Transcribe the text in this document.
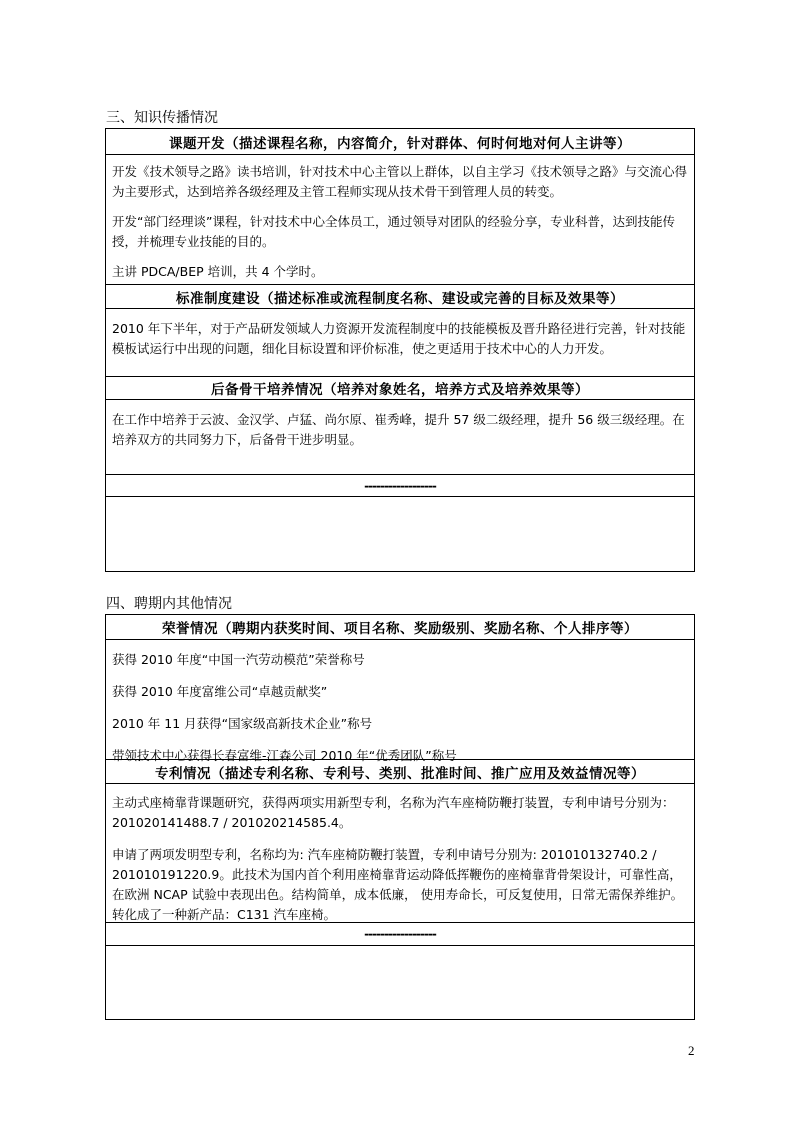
三、知识传播情况
课题开发（描述课程名称，内容简介，针对群体、何时何地对何人主讲等）

开发《技术领导之路》读书培训，针对技术中心主管以上群体，以自主学习《技术领导之路》与交流心得为主要形式，达到培养各级经理及主管工程师实现从技术骨干到管理人员的转变。

开发“部门经理谈”课程，针对技术中心全体员工，通过领导对团队的经验分享，专业科普，达到技能传授，并梳理专业技能的目的。

主讲 PDCA/BEP 培训，共 4 个学时。

标准制度建设（描述标准或流程制度名称、建设或完善的目标及效果等）

2010 年下半年，对于产品研发领域人力资源开发流程制度中的技能模板及晋升路径进行完善，针对技能模板试运行中出现的问题，细化目标设置和评价标准，使之更适用于技术中心的人力开发。

后备骨干培养情况（培养对象姓名，培养方式及培养效果等）

在工作中培养于云波、金汉学、卢猛、尚尔原、崔秀峰，提升 57 级二级经理，提升 56 级三级经理。在培养双方的共同努力下，后备骨干进步明显。

------------------
四、聘期内其他情况
荣誉情况（聘期内获奖时间、项目名称、奖励级别、奖励名称、个人排序等）

获得 2010 年度“中国一汽劳动模范”荣誉称号

获得 2010 年度富维公司“卓越贡献奖”

2010 年 11 月获得“国家级高新技术企业”称号

带领技术中心获得长春富维-江森公司 2010 年“优秀团队”称号

专利情况（描述专利名称、专利号、类别、批准时间、推广应用及效益情况等）

主动式座椅靠背课题研究，获得两项实用新型专利，名称为汽车座椅防鞭打装置，专利申请号分别为： 201020141488.7 / 201020214585.4。

申请了两项发明型专利，名称均为: 汽车座椅防鞭打装置，专利申请号分别为: 201010132740.2 / 201010191220.9。此技术为国内首个利用座椅靠背运动降低挥鞭伤的座椅靠背骨架设计，可靠性高，在欧洲 NCAP 试验中表现出色。结构简单，成本低廉， 使用寿命长，可反复使用，日常无需保养维护。转化成了一种新产品：C131 汽车座椅。

------------------
2
